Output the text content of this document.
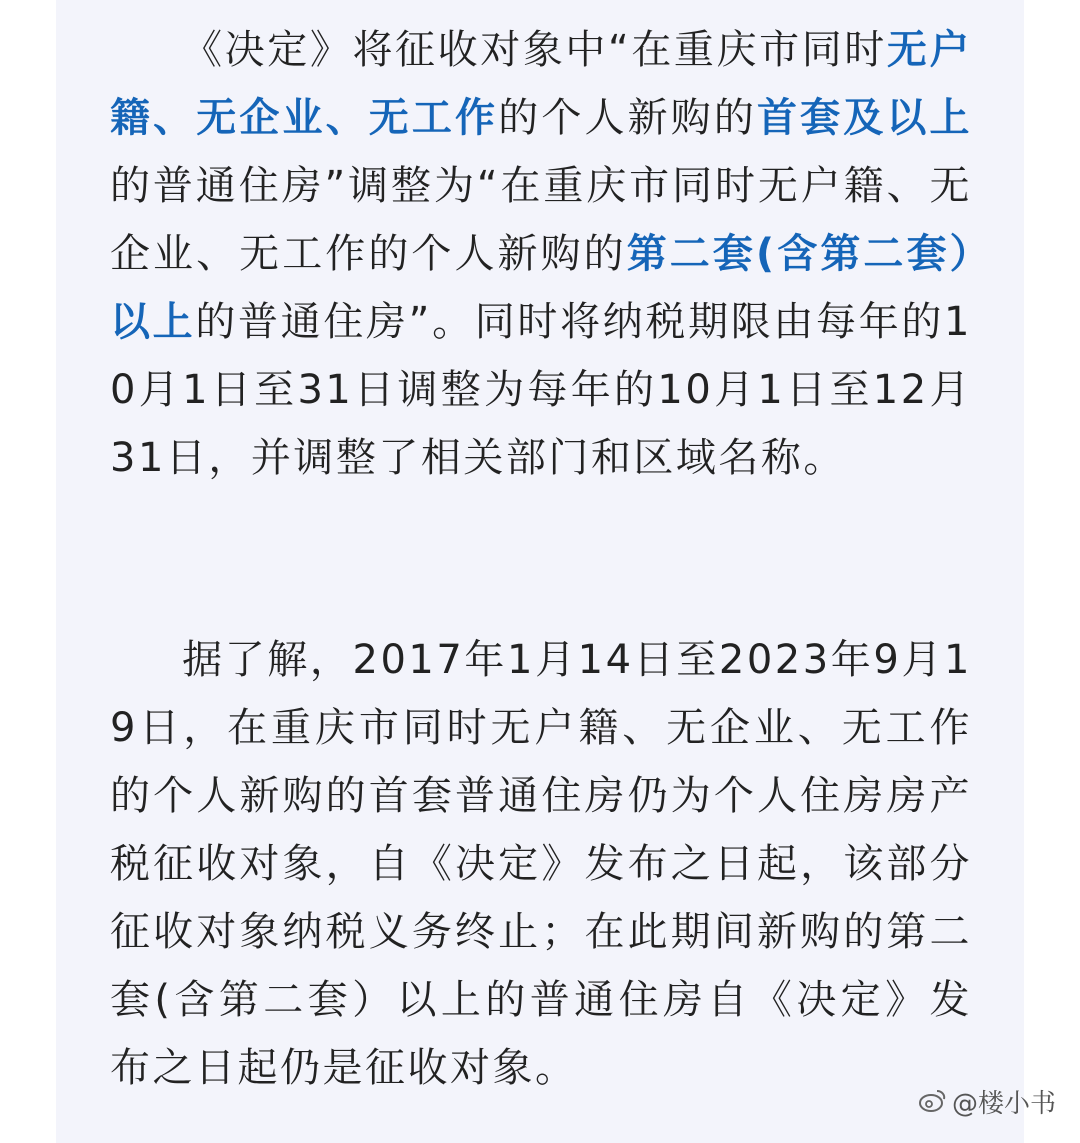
《决定》将征收对象中“在重庆市同时无户籍、无企业、无工作的个人新购的首套及以上的普通住房”调整为“在重庆市同时无户籍、无企业、无工作的个人新购的第二套(含第二套）以上的普通住房”。同时将纳税期限由每年的10月1日至31日调整为每年的10月1日至12月31日，并调整了相关部门和区域名称。

据了解，2017年1月14日至2023年9月19日，在重庆市同时无户籍、无企业、无工作的个人新购的首套普通住房仍为个人住房房产税征收对象，自《决定》发布之日起，该部分征收对象纳税义务终止；在此期间新购的第二套(含第二套）以上的普通住房自《决定》发布之日起仍是征收对象。

@楼小书
